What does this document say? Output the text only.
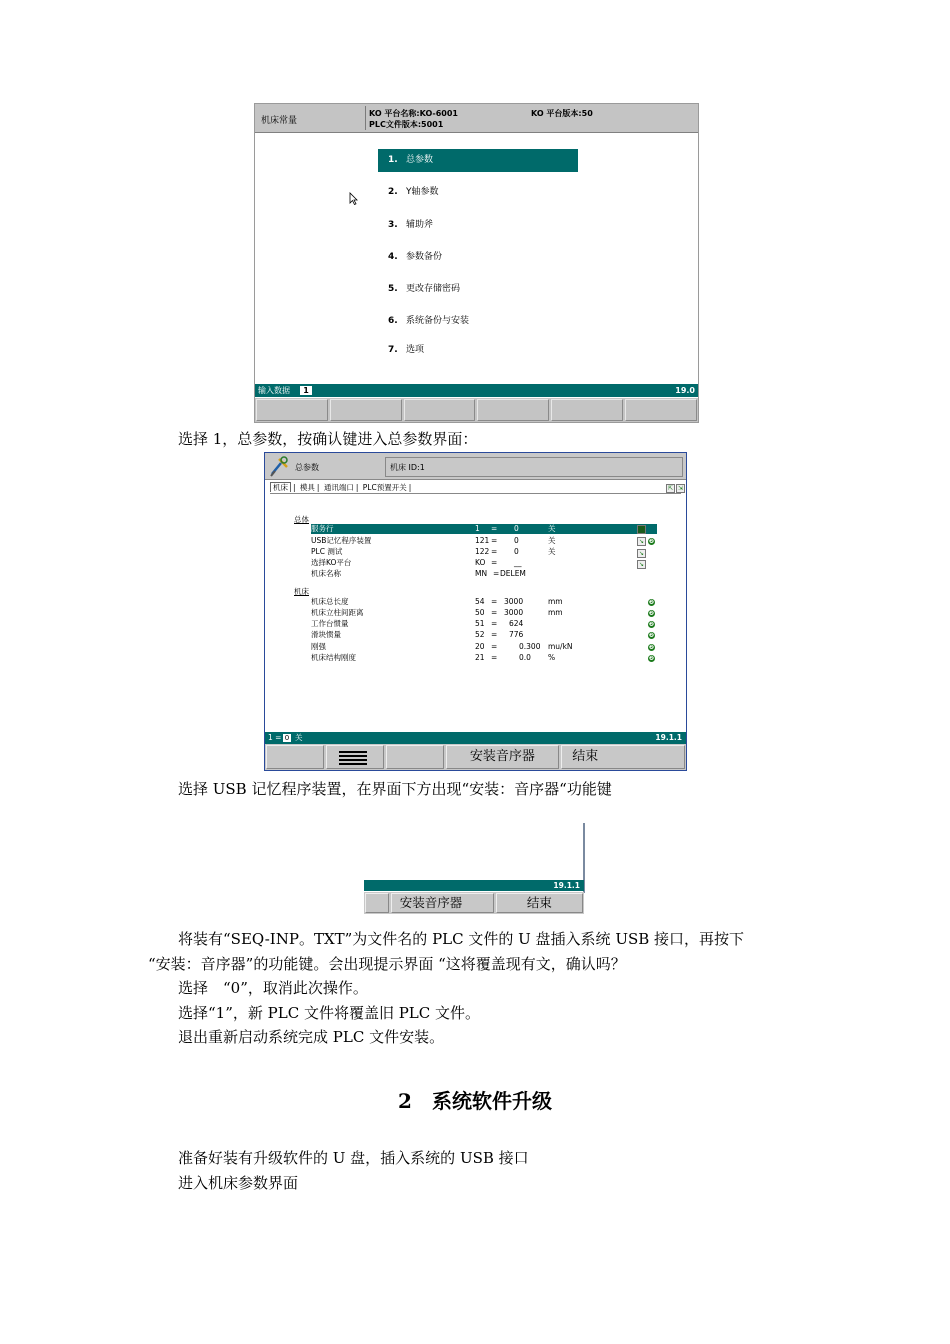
机床常量
KO 平台名称:KO-6001	KO 平台版本:50
PLC文件版本:5001
1. 总参数
2. Y轴参数
3. 辅助斧
4. 参数备份
5. 更改存储密码
6. 系统备份与安装
7. 选项
输入数据	1	19.0
选择 1，总参数，按确认键进入总参数界面：
总参数	机床 ID:1
机床 | 模具 | 通讯端口 | PLC预置开关 |	⇱ ⇲
总体
服务行	1 = 0	关
USB记忆程序装置	121 = 0	关
PLC 测试	122 = 0	关
选择KO平台	KO = __
机床名称	MN = DELEM
↘ ❷
↘
↘
机床
机床总长度	54 = 3000	mm
机床立柱间距离	50 = 3000	mm
工作台惯量	51 = 624
滑块惯量	52 = 776
刚强	20 =	0.300 mu/kN
机床结构刚度	21 =	0.0 %
❷
❷
❷
❷
❷
❷
1 = 0 关	19.1.1
安装音序器	结束
选择 USB 记忆程序装置，在界面下方出现“安装：音序器“功能键
19.1.1
安装音序器	结束
将装有“SEQ-INP。TXT”为文件名的 PLC 文件的 U 盘插入系统 USB 接口，再按下
“安装：音序器”的功能键。会出现提示界面 “这将覆盖现有文，确认吗？
选择　“0”，取消此次操作。
选择“1”，新 PLC 文件将覆盖旧 PLC 文件。
退出重新启动系统完成 PLC 文件安装。
2　系统软件升级
准备好装有升级软件的 U 盘，插入系统的 USB 接口
进入机床参数界面
